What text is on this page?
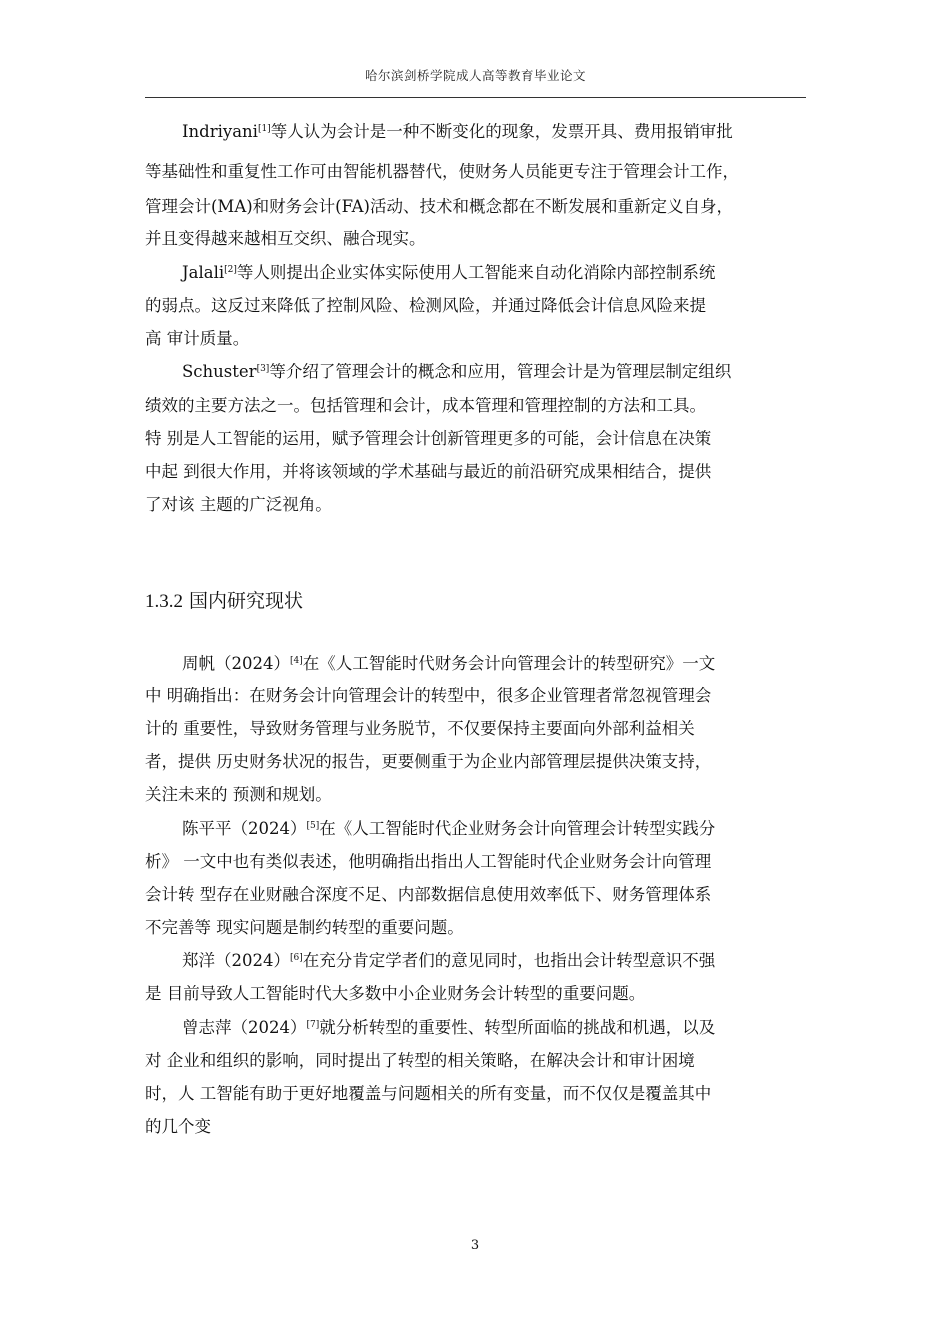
哈尔滨剑桥学院成人高等教育毕业论文
Indriyani[1]等人认为会计是一种不断变化的现象，发票开具、费用报销审批
等基础性和重复性工作可由智能机器替代，使财务人员能更专注于管理会计工作，
管理会计(MA)和财务会计(FA)活动、技术和概念都在不断发展和重新定义自身，
并且变得越来越相互交织、融合现实。
Jalali[2]等人则提出企业实体实际使用人工智能来自动化消除内部控制系统
的弱点。这反过来降低了控制风险、检测风险，并通过降低会计信息风险来提
高 审计质量。
Schuster[3]等介绍了管理会计的概念和应用，管理会计是为管理层制定组织
绩效的主要方法之一。包括管理和会计，成本管理和管理控制的方法和工具。
特 别是人工智能的运用，赋予管理会计创新管理更多的可能，会计信息在决策
中起 到很大作用，并将该领域的学术基础与最近的前沿研究成果相结合，提供
了对该 主题的广泛视角。
1.3.2 国内研究现状
周帆（2024）[4]在《人工智能时代财务会计向管理会计的转型研究》一文
中 明确指出：在财务会计向管理会计的转型中，很多企业管理者常忽视管理会
计的 重要性，导致财务管理与业务脱节，不仅要保持主要面向外部利益相关
者，提供 历史财务状况的报告，更要侧重于为企业内部管理层提供决策支持，
关注未来的 预测和规划。
陈平平（2024）[5]在《人工智能时代企业财务会计向管理会计转型实践分
析》 一文中也有类似表述，他明确指出指出人工智能时代企业财务会计向管理
会计转 型存在业财融合深度不足、内部数据信息使用效率低下、财务管理体系
不完善等 现实问题是制约转型的重要问题。
郑洋（2024）[6]在充分肯定学者们的意见同时，也指出会计转型意识不强
是 目前导致人工智能时代大多数中小企业财务会计转型的重要问题。
曾志萍（2024）[7]就分析转型的重要性、转型所面临的挑战和机遇，以及
对 企业和组织的影响，同时提出了转型的相关策略，在解决会计和审计困境
时，人 工智能有助于更好地覆盖与问题相关的所有变量，而不仅仅是覆盖其中
的几个变
3
